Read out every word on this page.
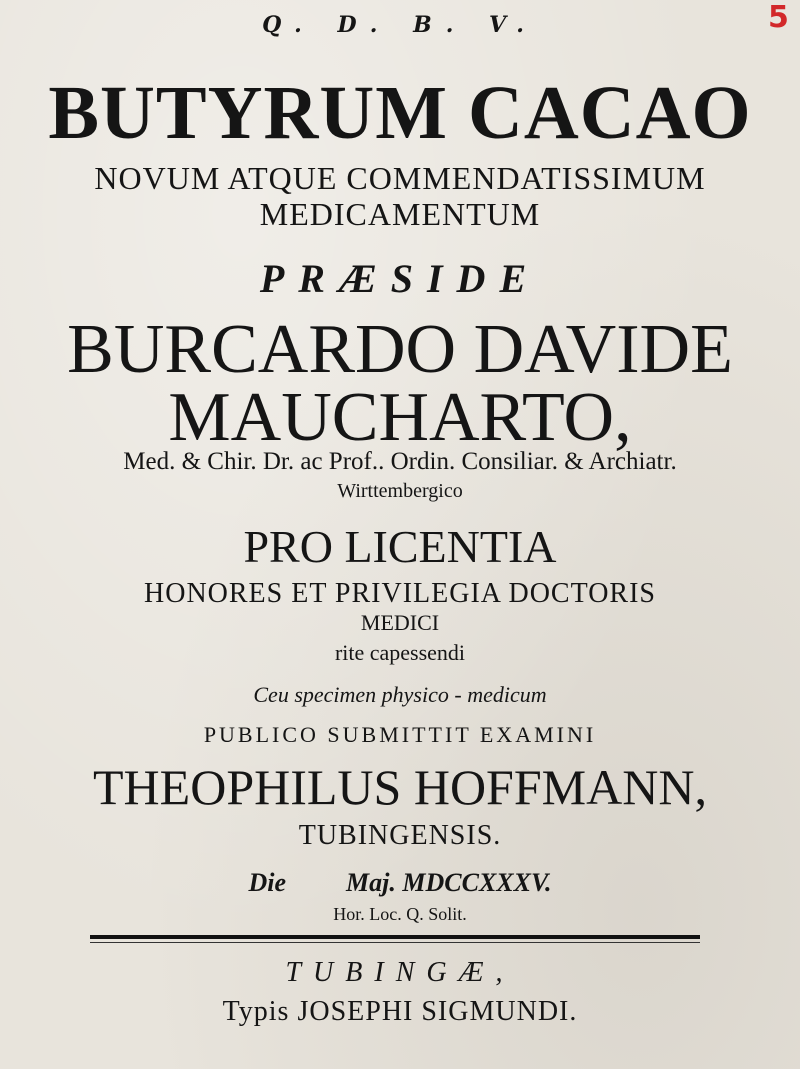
5
Q. D. B. V.
BUTYRUM CACAO
NOVUM ATQUE COMMENDATISSIMUM
MEDICAMENTUM
PRÆSIDE
BURCARDO DAVIDE
MAUCHARTO,
Med. & Chir. Dr. ac Prof.. Ordin. Consiliar. & Archiatr.
Wirttembergico
PRO LICENTIA
HONORES ET PRIVILEGIA DOCTORIS
MEDICI
rite capessendi
Ceu specimen physico - medicum
PUBLICO SUBMITTIT EXAMINI
THEOPHILUS HOFFMANN,
TUBINGENSIS.
Die Maj. MDCCXXXV.
Hor. Loc. Q. Solit.
TUBINGÆ,
Typis JOSEPHI SIGMUNDI.
